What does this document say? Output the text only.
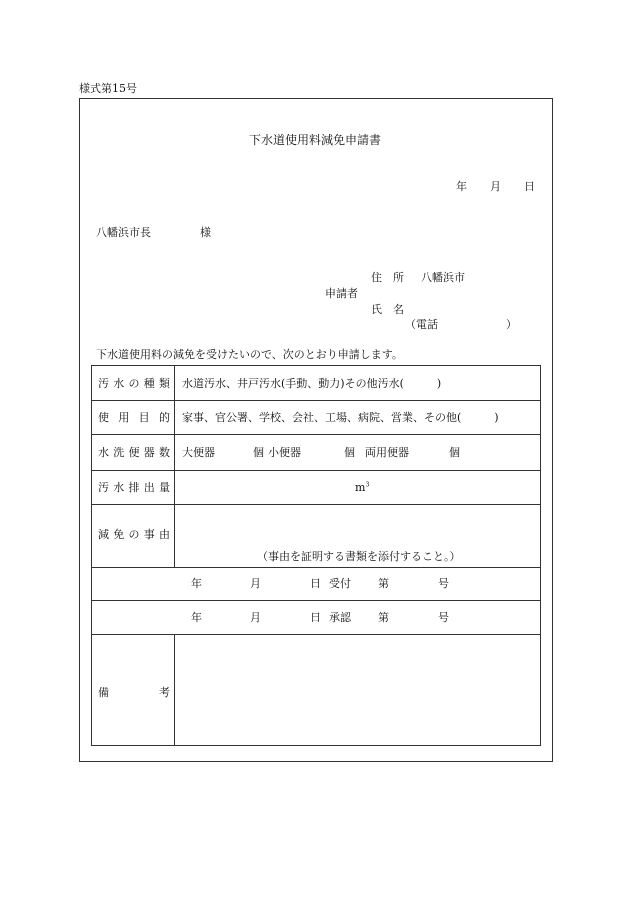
様式第15号
下水道使用料減免申請書
年 月 日
八幡浜市長	様
住　所 八幡浜市
申請者
氏　名
（電話	）
下水道使用料の減免を受けたいので、次のとおり申請します。
汚 水 の 種 類 水道汚水、井戸汚水(手動、動力)その他汚水(　　　)
使 用 目 的 家事、官公署、学校、会社、工場、病院、営業、その他(　　　)
水 洗 便 器 数 大便器	個 小便器	個 両用便器	個
汚 水 排 出 量	$m^3$
減 免 の 事 由
（事由を証明する書類を添付すること。）
年	月	日 受付 第	号
年	月	日 承認 第	号
備	考
